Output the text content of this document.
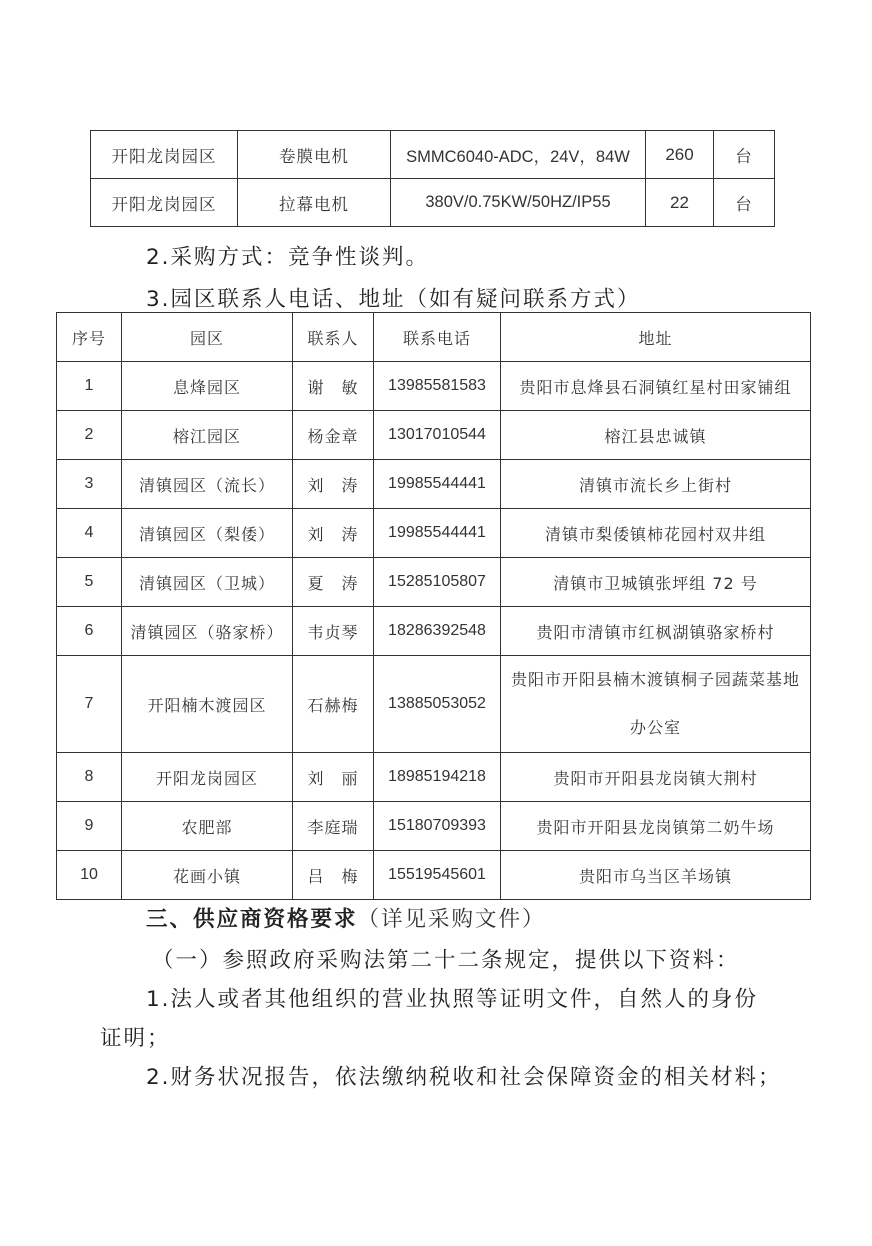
开阳龙岗园区	卷膜电机	SMMC6040-ADC，24V，84W	260	台
开阳龙岗园区	拉幕电机	380V/0.75KW/50HZ/IP55	22	台
2.采购方式：竞争性谈判。
3.园区联系人电话、地址（如有疑问联系方式）
序号	园区	联系人	联系电话	地址
1	息烽园区	谢　敏	13985581583	贵阳市息烽县石洞镇红星村田家铺组
2	榕江园区	杨金章	13017010544	榕江县忠诚镇
3	清镇园区（流长）	刘　涛	19985544441	清镇市流长乡上街村
4	清镇园区（梨倭）	刘　涛	19985544441	清镇市梨倭镇柿花园村双井组
5	清镇园区（卫城）	夏　涛	15285105807	清镇市卫城镇张坪组 72 号
6	清镇园区（骆家桥）	韦贞琴	18286392548	贵阳市清镇市红枫湖镇骆家桥村
7	开阳楠木渡园区	石赫梅	13885053052	贵阳市开阳县楠木渡镇桐子园蔬菜基地办公室
8	开阳龙岗园区	刘　丽	18985194218	贵阳市开阳县龙岗镇大荆村
9	农肥部	李庭瑞	15180709393	贵阳市开阳县龙岗镇第二奶牛场
10	花画小镇	吕　梅	15519545601	贵阳市乌当区羊场镇
三、供应商资格要求（详见采购文件）
（一）参照政府采购法第二十二条规定，提供以下资料：
1.法人或者其他组织的营业执照等证明文件，自然人的身份
证明；
2.财务状况报告，依法缴纳税收和社会保障资金的相关材料；
